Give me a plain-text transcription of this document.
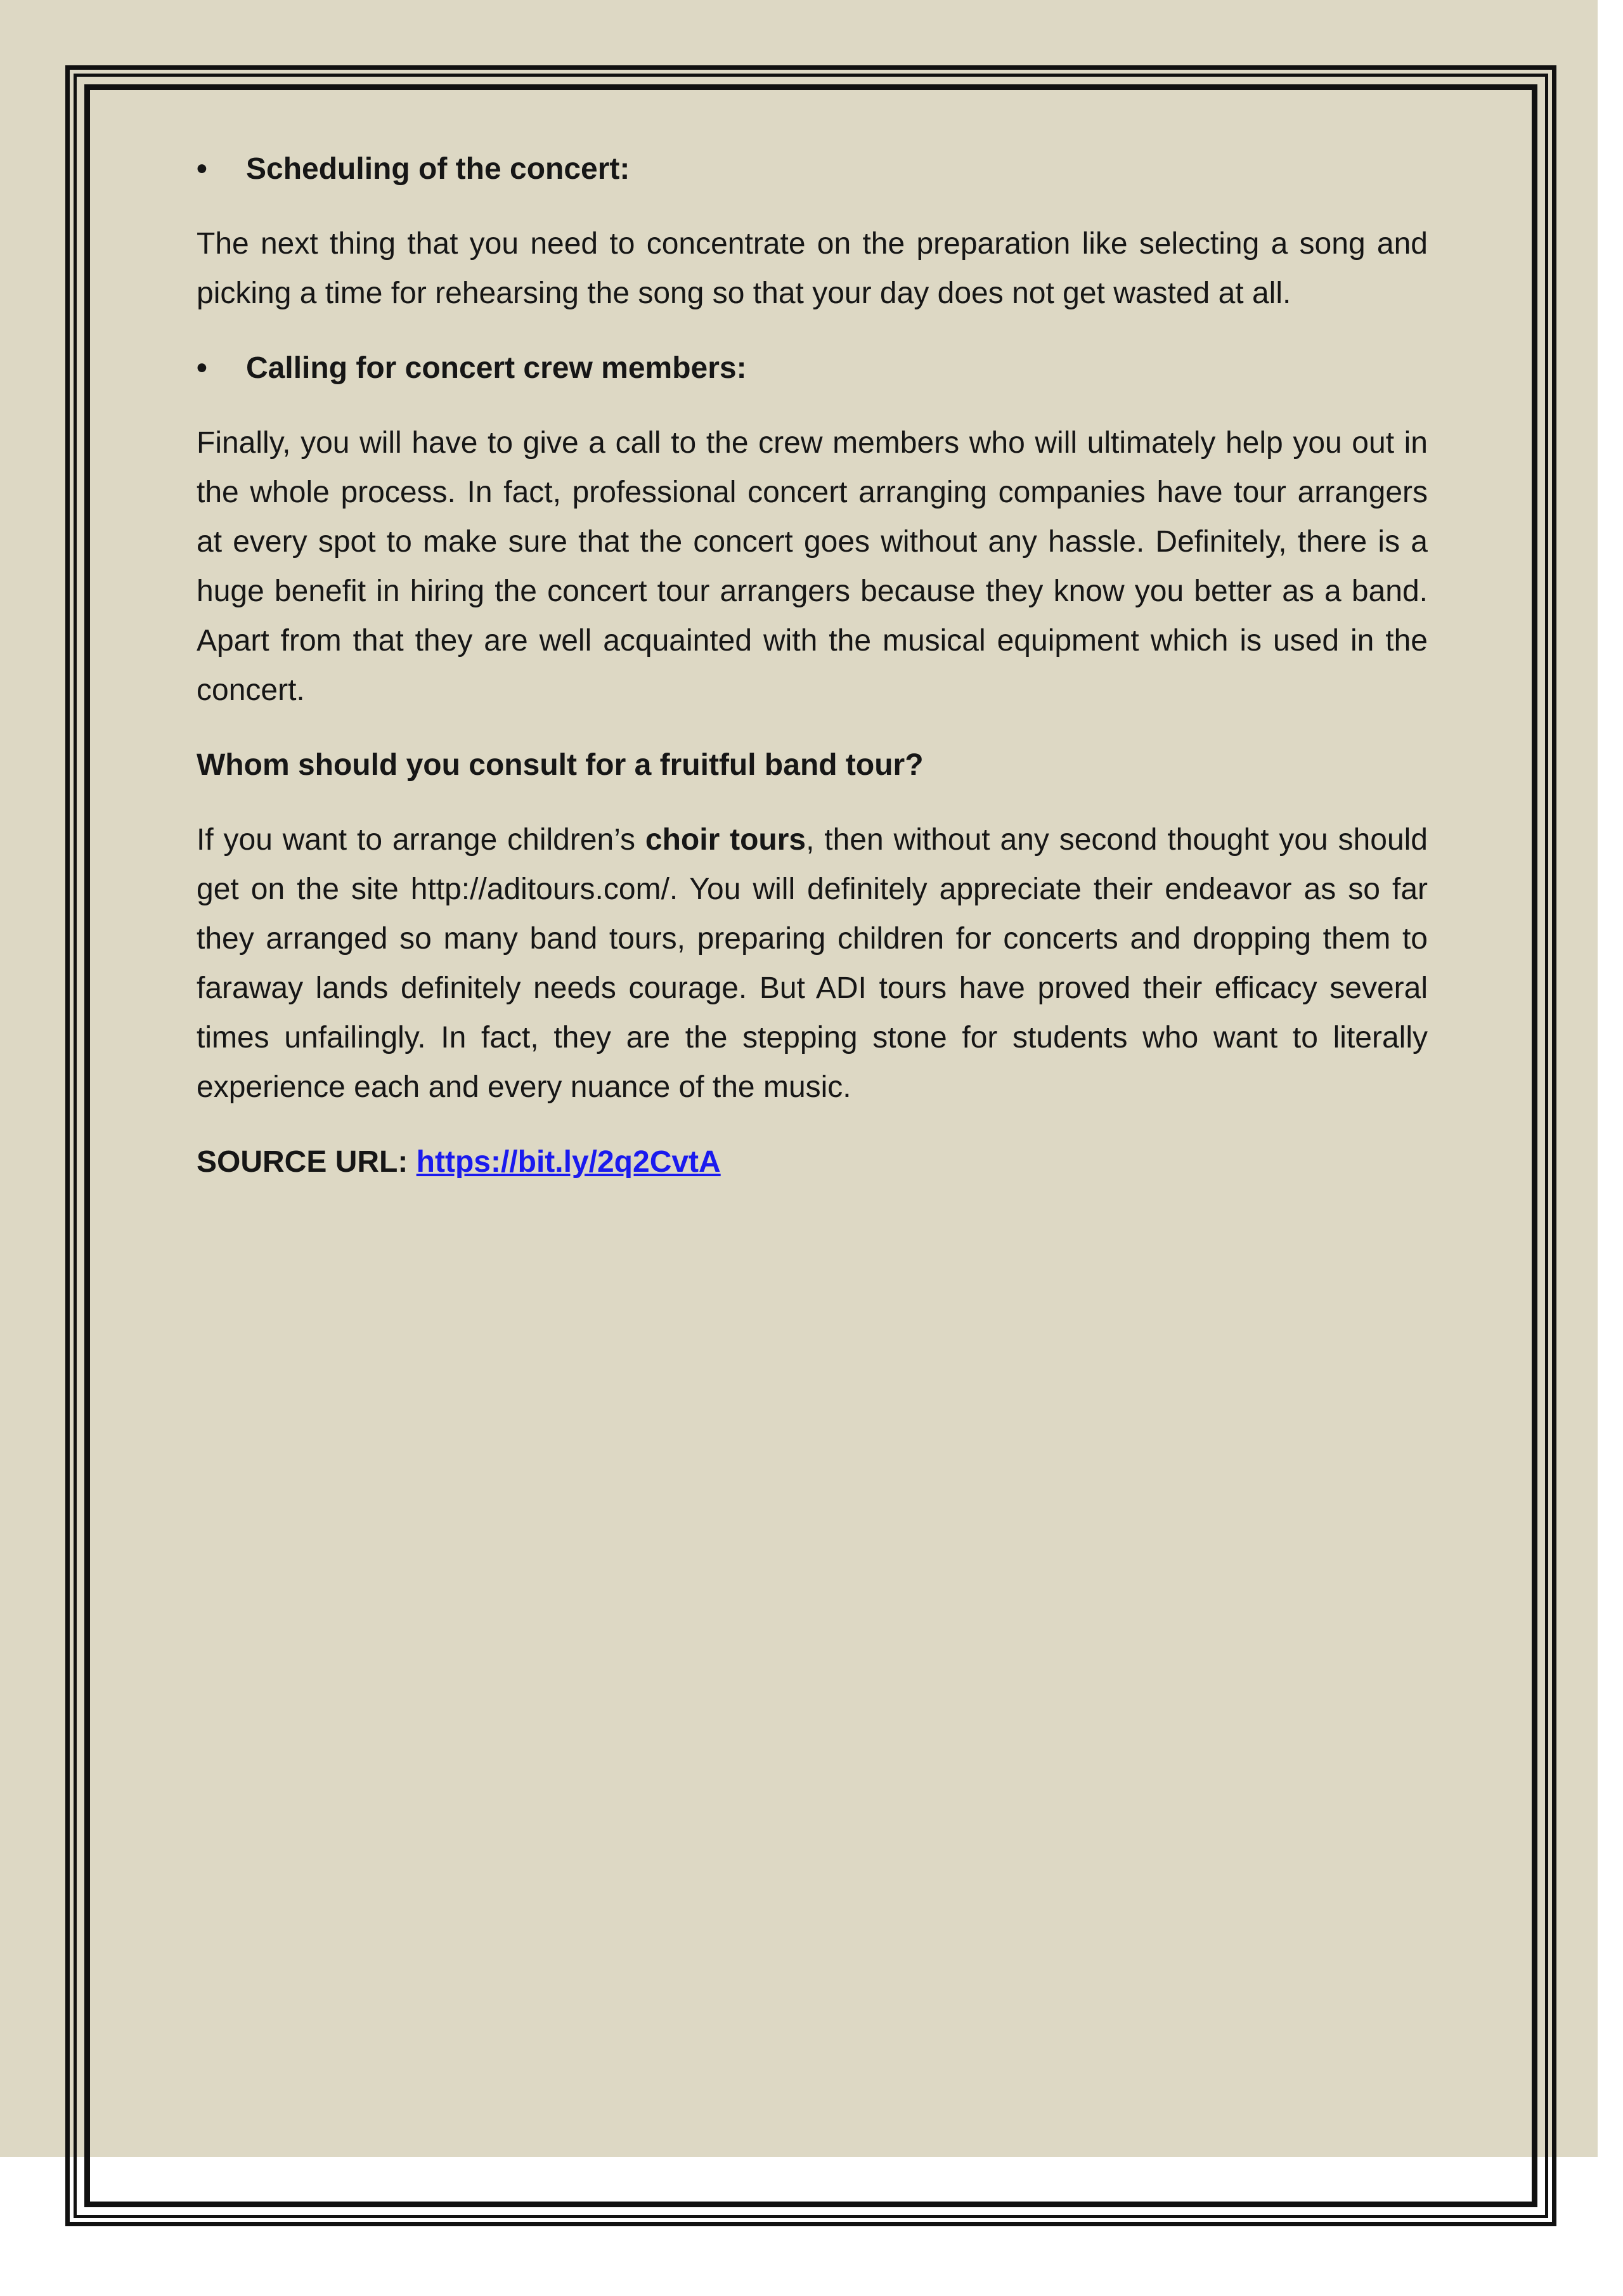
• Scheduling of the concert:

The next thing that you need to concentrate on the preparation like selecting a song and picking a time for rehearsing the song so that your day does not get wasted at all.

• Calling for concert crew members:

Finally, you will have to give a call to the crew members who will ultimately help you out in the whole process. In fact, professional concert arranging companies have tour arrangers at every spot to make sure that the concert goes without any hassle. Definitely, there is a huge benefit in hiring the concert tour arrangers because they know you better as a band. Apart from that they are well acquainted with the musical equipment which is used in the concert.

Whom should you consult for a fruitful band tour?

If you want to arrange children’s choir tours, then without any second thought you should get on the site http://aditours.com/. You will definitely appreciate their endeavor as so far they arranged so many band tours, preparing children for concerts and dropping them to faraway lands definitely needs courage. But ADI tours have proved their efficacy several times unfailingly. In fact, they are the stepping stone for students who want to literally experience each and every nuance of the music.

SOURCE URL: https://bit.ly/2q2CvtA
